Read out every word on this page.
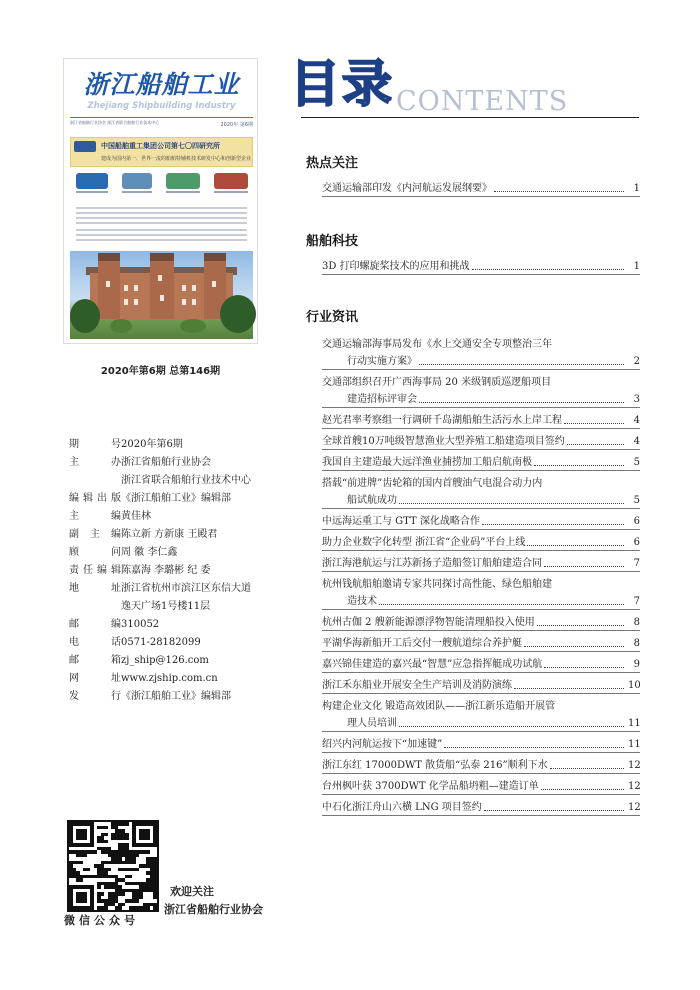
浙江船舶工业
Zhejiang Shipbuilding Industry
浙江省船舶行业协会 浙江省联合船舶行业技术中心	2020年 第6期
中国船舶重工集团公司第七〇四研究所
建成为国内第一、世界一流的船舶特辅机技术研发中心和创新型企业
2020年第6期 总第146期
期	号 2020年第6期
主	办 浙江省船舶行业协会
浙江省联合船舶行业技术中心
编 辑 出 版 《浙江船舶工业》编辑部
主	编 黄佳林
副 主 编 陈立新 方新康 王殿君
顾	问 周 徽 李仁鑫
责 任 编 辑 陈嘉海 李璐彬 纪 委
地	址 浙江省杭州市滨江区东信大道
逸天广场1号楼11层
邮	编 310052
电	话 0571-28182099
邮	箱 zj_ship@126.com
网	址 www.zjship.com.cn
发	行 《浙江船舶工业》编辑部
微信公众号
欢迎关注
浙江省船舶行业协会
目录 CONTENTS
热点关注
交通运输部印发《内河航运发展纲要》	1
船舶科技
3D 打印螺旋桨技术的应用和挑战	1
行业资讯
交通运输部海事局发布《水上交通安全专项整治三年
行动实施方案》	2
交通部组织召开广西海事局 20 米级钢质巡逻船项目
建造招标评审会	3
赵光君率考察组一行调研千岛湖船舶生活污水上岸工程	4
全球首艘10万吨级智慧渔业大型养殖工船建造项目签约	4
我国自主建造最大远洋渔业捕捞加工船启航南极	5
搭载“前进牌”齿轮箱的国内首艘油气电混合动力内
船试航成功	5
中远海运重工与 GTT 深化战略合作	6
助力企业数字化转型 浙江省“企业码”平台上线	6
浙江海港航运与江苏新扬子造船签订船舶建造合同	7
杭州钱航船舶邀请专家共同探讨高性能、绿色船舶建
造技术	7
杭州古伽 2 艘新能源漂浮物智能清理船投入使用	8
平湖华海新船开工后交付一艘航道综合养护艇	8
嘉兴锦佳建造的嘉兴最“智慧”应急指挥艇成功试航	9
浙江禾东船业开展安全生产培训及消防演练	10
构建企业文化 锻造高效团队——浙江新乐造船开展管
理人员培训	11
绍兴内河航运按下“加速键”	11
浙江东红 17000DWT 散货船“弘泰 216”顺利下水	12
台州枫叶获 3700DWT 化学品船坍粗—建造订单	12
中石化浙江舟山六横 LNG 项目签约	12
